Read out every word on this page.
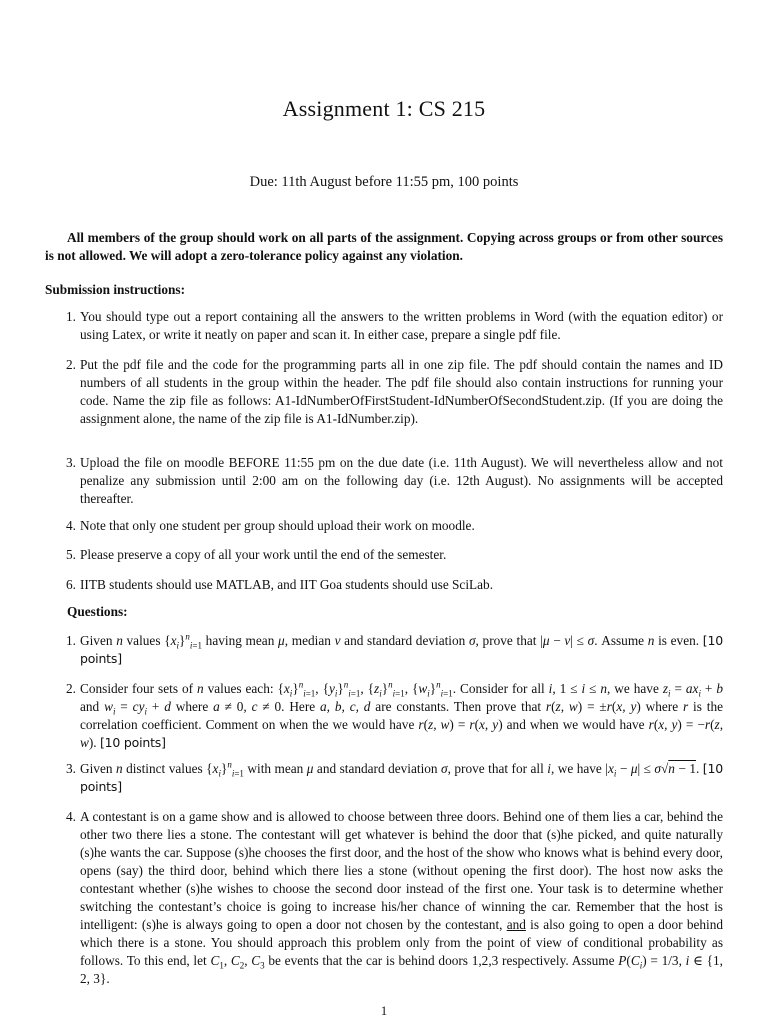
Assignment 1: CS 215
Due: 11th August before 11:55 pm, 100 points
All members of the group should work on all parts of the assignment. Copying across groups or from other sources is not allowed. We will adopt a zero-tolerance policy against any violation.
Submission instructions:
1. You should type out a report containing all the answers to the written problems in Word (with the equation editor) or using Latex, or write it neatly on paper and scan it. In either case, prepare a single pdf file.
2. Put the pdf file and the code for the programming parts all in one zip file. The pdf should contain the names and ID numbers of all students in the group within the header. The pdf file should also contain instructions for running your code. Name the zip file as follows: A1-IdNumberOfFirstStudent-IdNumberOfSecondStudent.zip. (If you are doing the assignment alone, the name of the zip file is A1-IdNumber.zip).
3. Upload the file on moodle BEFORE 11:55 pm on the due date (i.e. 11th August). We will nevertheless allow and not penalize any submission until 2:00 am on the following day (i.e. 12th August). No assignments will be accepted thereafter.
4. Note that only one student per group should upload their work on moodle.
5. Please preserve a copy of all your work until the end of the semester.
6. IITB students should use MATLAB, and IIT Goa students should use SciLab.
Questions:
1. Given n values $\{x_i\}^n_{i=1}$ having mean μ, median ν and standard deviation σ, prove that |μ − ν| ≤ σ. Assume n is even. [10 points]
2. Consider four sets of n values each: $\{x_i\}^n_{i=1}$, $\{y_i\}^n_{i=1}$, $\{z_i\}^n_{i=1}$, $\{w_i\}^n_{i=1}$. Consider for all i, 1 ≤ i ≤ n, we have $z_i = ax_i + b$ and $w_i = cy_i + d$ where a ≠ 0, c ≠ 0. Here a, b, c, d are constants. Then prove that r(z, w) = ±r(x, y) where r is the correlation coefficient. Comment on when the we would have r(z, w) = r(x, y) and when we would have r(x, y) = −r(z, w). [10 points]
3. Given n distinct values $\{x_i\}^n_{i=1}$ with mean μ and standard deviation σ, prove that for all i, we have $|x_i - \mu| \le \sigma√n - 1$. [10 points]
4. A contestant is on a game show and is allowed to choose between three doors. Behind one of them lies a car, behind the other two there lies a stone. The contestant will get whatever is behind the door that (s)he picked, and quite naturally (s)he wants the car. Suppose (s)he chooses the first door, and the host of the show who knows what is behind every door, opens (say) the third door, behind which there lies a stone (without opening the first door). The host now asks the contestant whether (s)he wishes to choose the second door instead of the first one. Your task is to determine whether switching the contestant’s choice is going to increase his/her chance of winning the car. Remember that the host is intelligent: (s)he is always going to open a door not chosen by the contestant, and is also going to open a door behind which there is a stone. You should approach this problem only from the point of view of conditional probability as follows. To this end, let $C_1$, $C_2$, $C_3$ be events that the car is behind doors 1,2,3 respectively. Assume $P(C_i) = 1/3$, i ∈ {1, 2, 3}.
1
